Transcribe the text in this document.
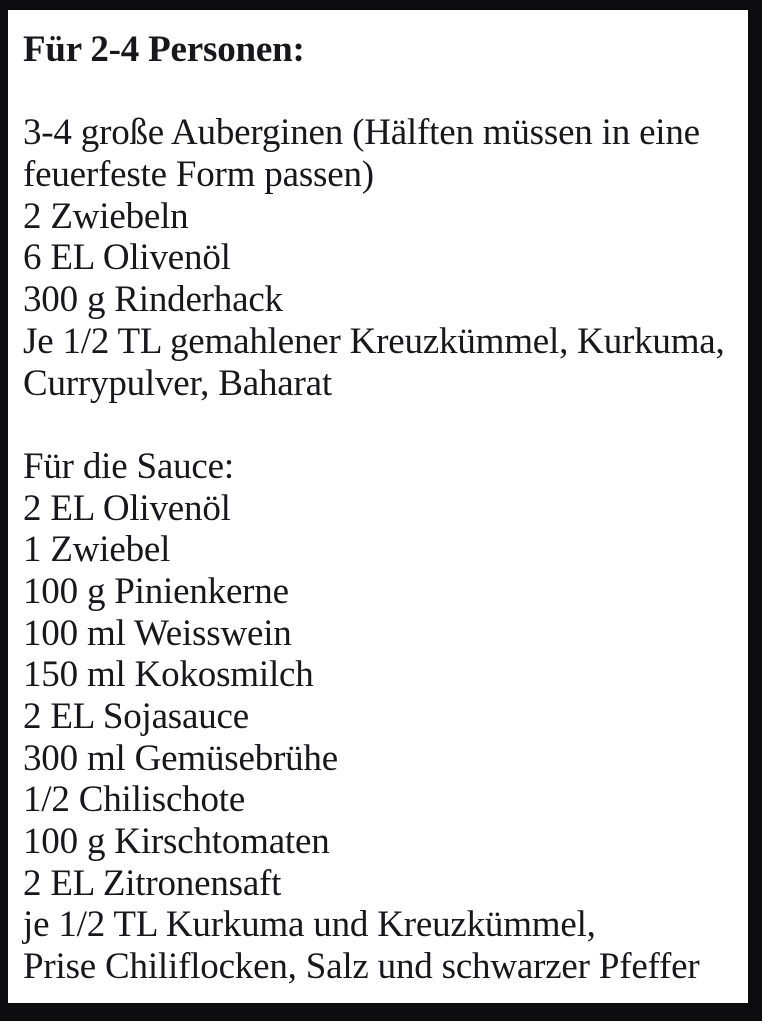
Für 2-4 Personen:
3-4 große Auberginen (Hälften müssen in eine
feuerfeste Form passen)
2 Zwiebeln
6 EL Olivenöl
300 g Rinderhack
Je 1/2 TL gemahlener Kreuzkümmel, Kurkuma,
Currypulver, Baharat
Für die Sauce:
2 EL Olivenöl
1 Zwiebel
100 g Pinienkerne
100 ml Weisswein
150 ml Kokosmilch
2 EL Sojasauce
300 ml Gemüsebrühe
1/2 Chilischote
100 g Kirschtomaten
2 EL Zitronensaft
je 1/2 TL Kurkuma und Kreuzkümmel,
Prise Chiliflocken, Salz und schwarzer Pfeffer
